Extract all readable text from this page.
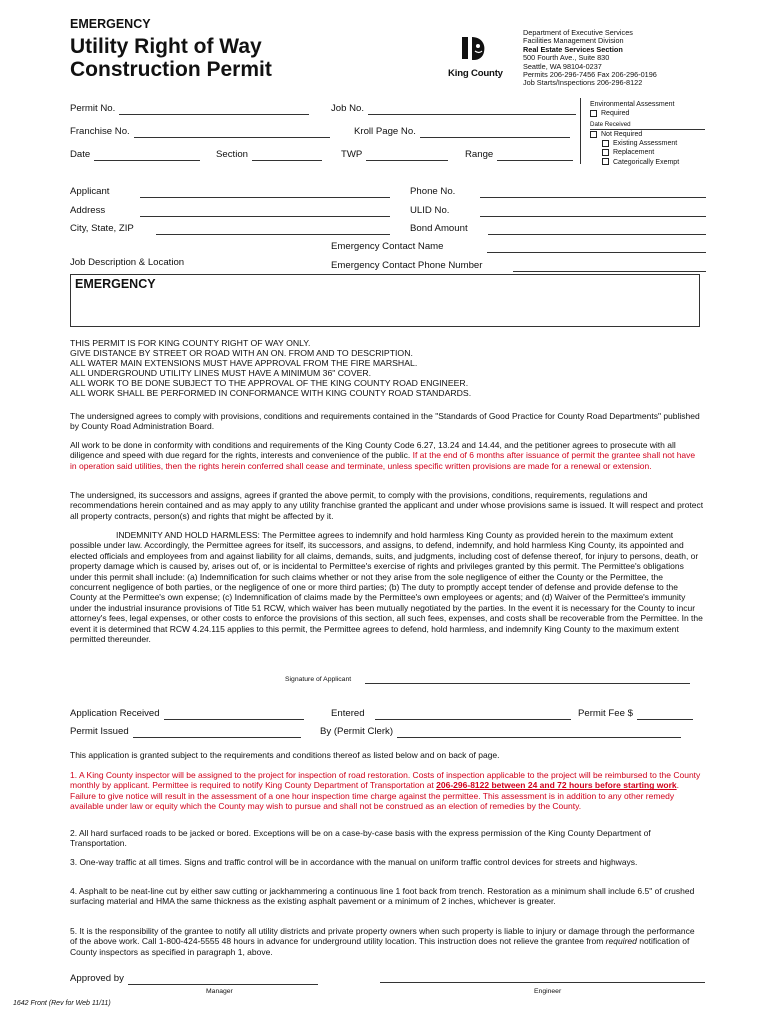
EMERGENCY
Utility Right of Way
Construction Permit	King County
Department of Executive Services
Facilities Management Division
Real Estate Services Section
500 Fourth Ave., Suite 830
Seattle, WA 98104-0237
Permits 206-296-7456 Fax 206-296-0196
Job Starts/Inspections 206-296-8122
Permit No.	Job No.
Franchise No.	Kroll Page No.
Date	Section	TWP	Range
Environmental Assessment
Required
Date Received
Not Required
Existing Assessment
Replacement
Categorically Exempt
Applicant	Phone No.
Address	ULID No.
City, State, ZIP	Bond Amount
Emergency Contact Name
Job Description & Location	Emergency Contact Phone Number
EMERGENCY
THIS PERMIT IS FOR KING COUNTY RIGHT OF WAY ONLY.
GIVE DISTANCE BY STREET OR ROAD WITH AN ON. FROM AND TO DESCRIPTION.
ALL WATER MAIN EXTENSIONS MUST HAVE APPROVAL FROM THE FIRE MARSHAL.
ALL UNDERGROUND UTILITY LINES MUST HAVE A MINIMUM 36" COVER.
ALL WORK TO BE DONE SUBJECT TO THE APPROVAL OF THE KING COUNTY ROAD ENGINEER.
ALL WORK SHALL BE PERFORMED IN CONFORMANCE WITH KING COUNTY ROAD STANDARDS.
The undersigned agrees to comply with provisions, conditions and requirements contained in the "Standards of Good Practice for County Road Departments" published by County Road Administration Board.
All work to be done in conformity with conditions and requirements of the King County Code 6.27, 13.24 and 14.44, and the petitioner agrees to prosecute with all diligence and speed with due regard for the rights, interests and convenience of the public. If at the end of 6 months after issuance of permit the grantee shall not have in operation said utilities, then the rights herein conferred shall cease and terminate, unless specific written provisions are made for a renewal or extension.
The undersigned, its successors and assigns, agrees if granted the above permit, to comply with the provisions, conditions, requirements, regulations and recommendations herein contained and as may apply to any utility franchise granted the applicant and under whose provisions same is issued. It will respect and protect all property contracts, person(s) and rights that might be affected by it.
INDEMNITY AND HOLD HARMLESS: The Permittee agrees to indemnify and hold harmless King County as provided herein to the maximum extent possible under law. Accordingly, the Permittee agrees for itself, its successors, and assigns, to defend, indemnify, and hold harmless King County, its appointed and elected officials and employees from and against liability for all claims, demands, suits, and judgments, including cost of defense thereof, for injury to persons, death, or property damage which is caused by, arises out of, or is incidental to Permittee's exercise of rights and privileges granted by this permit. The Permittee's obligations under this permit shall include: (a) Indemnification for such claims whether or not they arise from the sole negligence of either the County or the Permittee, the concurrent negligence of both parties, or the negligence of one or more third parties; (b) The duty to promptly accept tender of defense and provide defense to the County at the Permittee's own expense; (c) Indemnification of claims made by the Permittee's own employees or agents; and (d) Waiver of the Permittee's immunity under the industrial insurance provisions of Title 51 RCW, which waiver has been mutually negotiated by the parties. In the event it is necessary for the County to incur attorney's fees, legal expenses, or other costs to enforce the provisions of this section, all such fees, expenses, and costs shall be recoverable from the Permittee. In the event it is determined that RCW 4.24.115 applies to this permit, the Permittee agrees to defend, hold harmless, and indemnify King County to the maximum extent permitted thereunder.
Signature of Applicant
Application Received	Entered	Permit Fee $
Permit Issued	By (Permit Clerk)
This application is granted subject to the requirements and conditions thereof as listed below and on back of page.
1. A King County inspector will be assigned to the project for inspection of road restoration. Costs of inspection applicable to the project will be reimbursed to the County monthly by applicant. Permittee is required to notify King County Department of Transportation at 206-296-8122 between 24 and 72 hours before starting work. Failure to give notice will result in the assessment of a one hour inspection time charge against the permittee. This assessment is in addition to any other remedy available under law or equity which the County may wish to pursue and shall not be construed as an election of remedies by the County.
2. All hard surfaced roads to be jacked or bored. Exceptions will be on a case-by-case basis with the express permission of the King County Department of Transportation.
3. One-way traffic at all times. Signs and traffic control will be in accordance with the manual on uniform traffic control devices for streets and highways.
4. Asphalt to be neat-line cut by either saw cutting or jackhammering a continuous line 1 foot back from trench. Restoration as a minimum shall include 6.5" of crushed surfacing material and HMA the same thickness as the existing asphalt pavement or a minimum of 2 inches, whichever is greater.
5. It is the responsibility of the grantee to notify all utility districts and private property owners when such property is liable to injury or damage through the performance of the above work. Call 1-800-424-5555 48 hours in advance for underground utility location. This instruction does not relieve the grantee from required notification of County inspectors as specified in paragraph 1, above.
Approved by
Manager	Engineer
1642 Front (Rev for Web 11/11)
